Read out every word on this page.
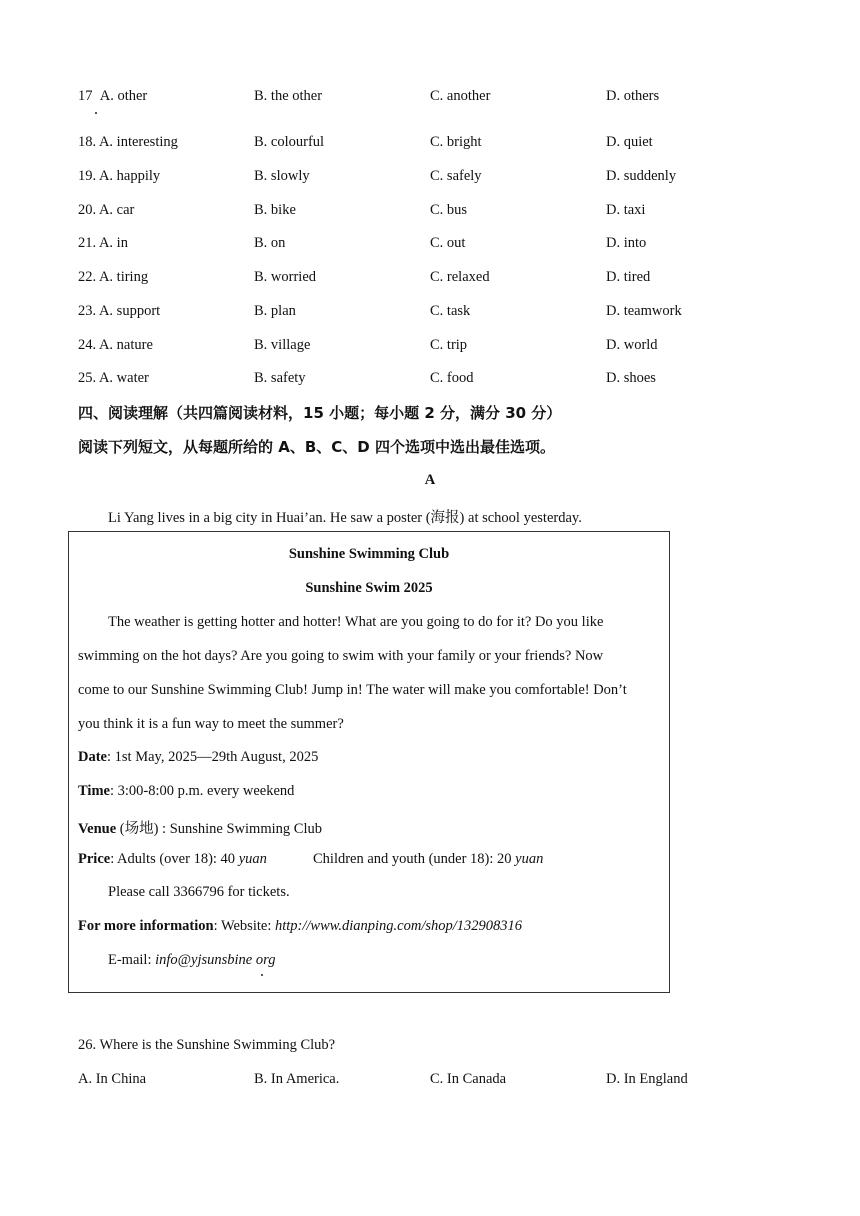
17 A. other	B. the other	C. another	D. others
18. A. interesting	B. colourful	C. bright	D. quiet
19. A. happily	B. slowly	C. safely	D. suddenly
20. A. car	B. bike	C. bus	D. taxi
21. A. in	B. on	C. out	D. into
22. A. tiring	B. worried	C. relaxed	D. tired
23. A. support	B. plan	C. task	D. teamwork
24. A. nature	B. village	C. trip	D. world
25. A. water	B. safety	C. food	D. shoes
四、阅读理解（共四篇阅读材料，15 小题；每小题 2 分，满分 30 分）
阅读下列短文，从每题所给的 A、B、C、D 四个选项中选出最佳选项。
A
Li Yang lives in a big city in Huai’an. He saw a poster (海报) at school yesterday.
Sunshine Swimming Club
Sunshine Swim 2025
The weather is getting hotter and hotter! What are you going to do for it? Do you like
swimming on the hot days? Are you going to swim with your family or your friends? Now
come to our Sunshine Swimming Club! Jump in! The water will make you comfortable! Don’t
you think it is a fun way to meet the summer?
Date: 1st May, 2025—29th August, 2025
Time: 3:00-8:00 p.m. every weekend
Venue (场地) : Sunshine Swimming Club
Price: Adults (over 18): 40 yuan	Children and youth (under 18): 20 yuan
Please call 3366796 for tickets.
For more information: Website: http://www.dianping.com/shop/132908316
E-mail: info@yjsunsbine org
26. Where is the Sunshine Swimming Club?
A. In China	B. In America.	C. In Canada	D. In England
